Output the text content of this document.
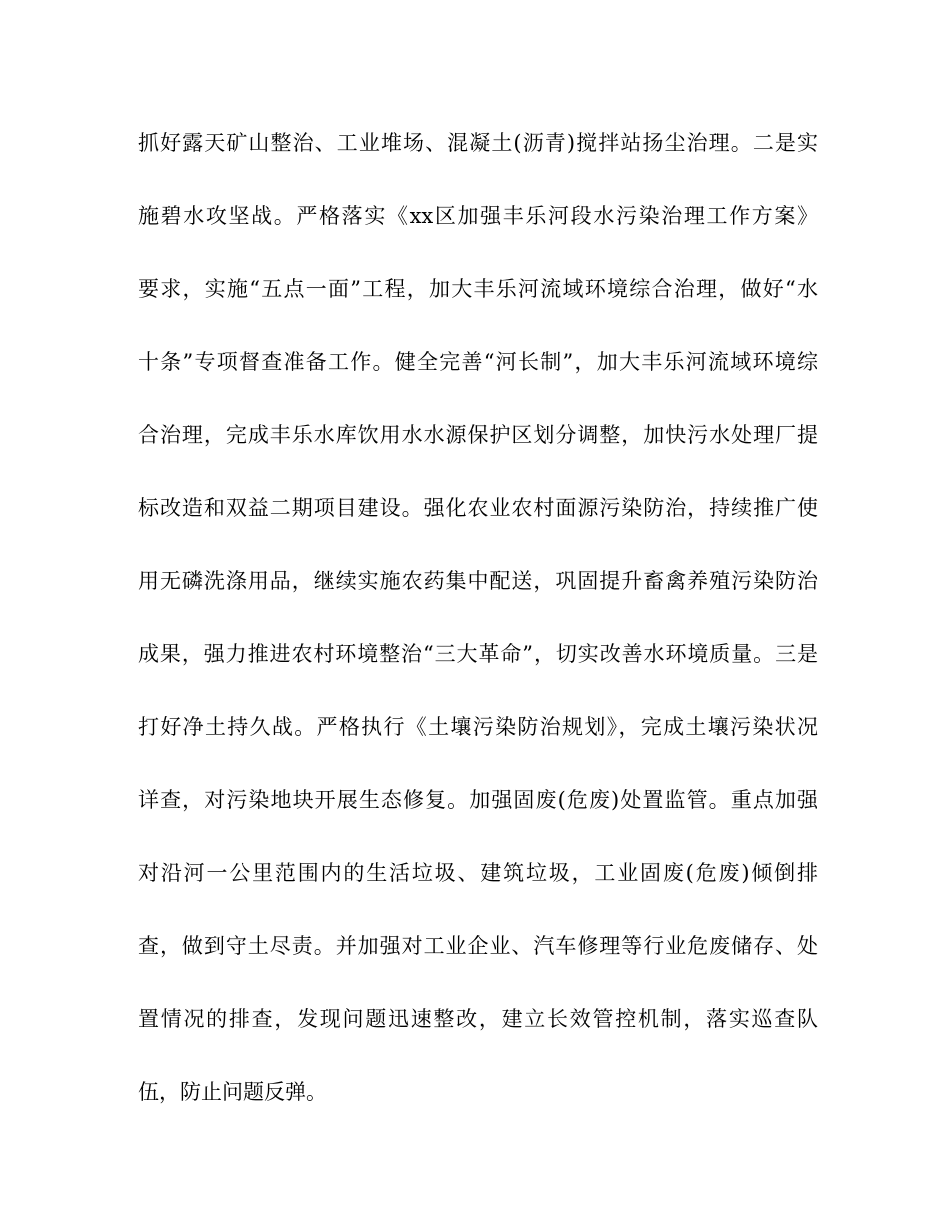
抓好露天矿山整治、工业堆场、混凝土(沥青)搅拌站扬尘治理。二是实
施碧水攻坚战。严格落实《xx区加强丰乐河段水污染治理工作方案》
要求，实施“五点一面”工程，加大丰乐河流域环境综合治理，做好“水
十条”专项督查准备工作。健全完善“河长制”，加大丰乐河流域环境综
合治理，完成丰乐水库饮用水水源保护区划分调整，加快污水处理厂提
标改造和双益二期项目建设。强化农业农村面源污染防治，持续推广使
用无磷洗涤用品，继续实施农药集中配送，巩固提升畜禽养殖污染防治
成果，强力推进农村环境整治“三大革命”，切实改善水环境质量。三是
打好净土持久战。严格执行《土壤污染防治规划》，完成土壤污染状况
详查，对污染地块开展生态修复。加强固废(危废)处置监管。重点加强
对沿河一公里范围内的生活垃圾、建筑垃圾，工业固废(危废)倾倒排
查，做到守土尽责。并加强对工业企业、汽车修理等行业危废储存、处
置情况的排查，发现问题迅速整改，建立长效管控机制，落实巡查队
伍，防止问题反弹。
